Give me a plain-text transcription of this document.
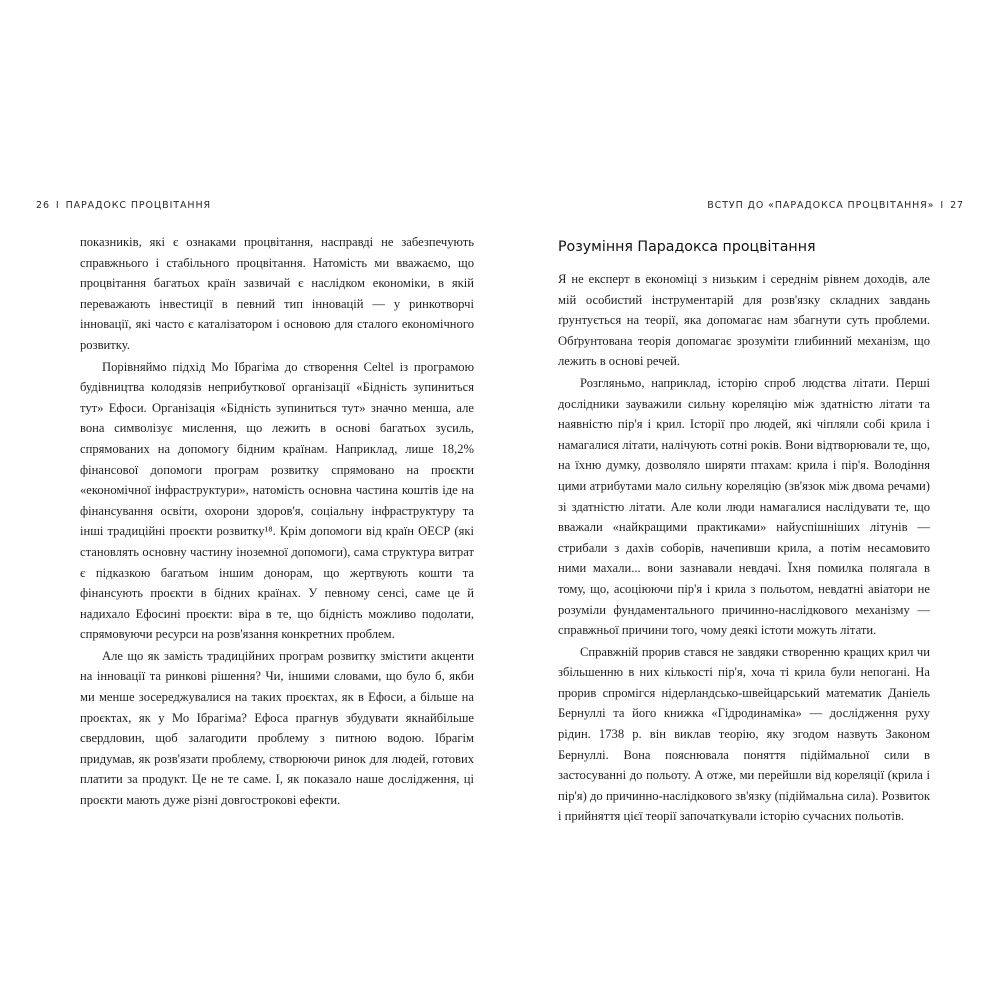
26 I ПАРАДОКС ПРОЦВІТАННЯ

показників, які є ознаками процвітання, насправді не забезпечують справжнього і стабільного процвітання. Натомість ми вважаємо, що процвітання багатьох країн зазвичай є наслідком економіки, в якій переважають інвестиції в певний тип інновацій — у ринкотворчі інновації, які часто є каталізатором і основою для сталого економічного розвитку.

Порівняймо підхід Мо Ібрагіма до створення Celtel із програмою будівництва колодязів неприбуткової організації «Бідність зупиниться тут» Ефоси. Організація «Бідність зупиниться тут» значно менша, але вона символізує мислення, що лежить в основі багатьох зусиль, спрямованих на допомогу бідним країнам. Наприклад, лише 18,2% фінансової допомоги програм розвитку спрямовано на проєкти «економічної інфраструктури», натомість основна частина коштів іде на фінансування освіти, охорони здоров'я, соціальну інфраструктуру та інші традиційні проєкти розвитку¹⁸. Крім допомоги від країн ОЕСР (які становлять основну частину іноземної допомоги), сама структура витрат є підказкою багатьом іншим донорам, що жертвують кошти та фінансують проєкти в бідних країнах. У певному сенсі, саме це й надихало Ефосині проєкти: віра в те, що бідність можливо подолати, спрямовуючи ресурси на розв'язання конкретних проблем.

Але що як замість традиційних програм розвитку змістити акценти на інновації та ринкові рішення? Чи, іншими словами, що було б, якби ми менше зосереджувалися на таких проєктах, як в Ефоси, а більше на проєктах, як у Мо Ібрагіма? Ефоса прагнув збудувати якнайбільше свердловин, щоб залагодити проблему з питною водою. Ібрагім придумав, як розв'язати проблему, створюючи ринок для людей, готових платити за продукт. Це не те саме. І, як показало наше дослідження, ці проєкти мають дуже різні довгострокові ефекти.

ВСТУП ДО «ПАРАДОКСА ПРОЦВІТАННЯ» I 27
Розуміння Парадокса процвітання

Я не експерт в економіці з низьким і середнім рівнем доходів, але мій особистий інструментарій для розв'язку складних завдань ґрунтується на теорії, яка допомагає нам збагнути суть проблеми. Обґрунтована теорія допомагає зрозуміти глибинний механізм, що лежить в основі речей.

Розгляньмо, наприклад, історію спроб людства літати. Перші дослідники зауважили сильну кореляцію між здатністю літати та наявністю пір'я і крил. Історії про людей, які чіпляли собі крила і намагалися літати, налічують сотні років. Вони відтворювали те, що, на їхню думку, дозволяло ширяти птахам: крила і пір'я. Володіння цими атрибутами мало сильну кореляцію (зв'язок між двома речами) зі здатністю літати. Але коли люди намагалися наслідувати те, що вважали «найкращими практиками» найуспішніших літунів — стрибали з дахів соборів, начепивши крила, а потім несамовито ними махали... вони зазнавали невдачі. Їхня помилка полягала в тому, що, асоціюючи пір'я і крила з польотом, невдатні авіатори не розуміли фундаментального причинно-наслідкового механізму — справжньої причини того, чому деякі істоти можуть літати.

Справжній прорив стався не завдяки створенню кращих крил чи збільшенню в них кількості пір'я, хоча ті крила були непогані. На прорив спромігся нідерландсько-швейцарський математик Даніель Бернуллі та його книжка «Гідродинаміка» — дослідження руху рідин. 1738 р. він виклав теорію, яку згодом назвуть Законом Бернуллі. Вона пояснювала поняття підіймальної сили в застосуванні до польоту. А отже, ми перейшли від кореляції (крила і пір'я) до причинно-наслідкового зв'язку (підіймальна сила). Розвиток і прийняття цієї теорії започаткували історію сучасних польотів.
